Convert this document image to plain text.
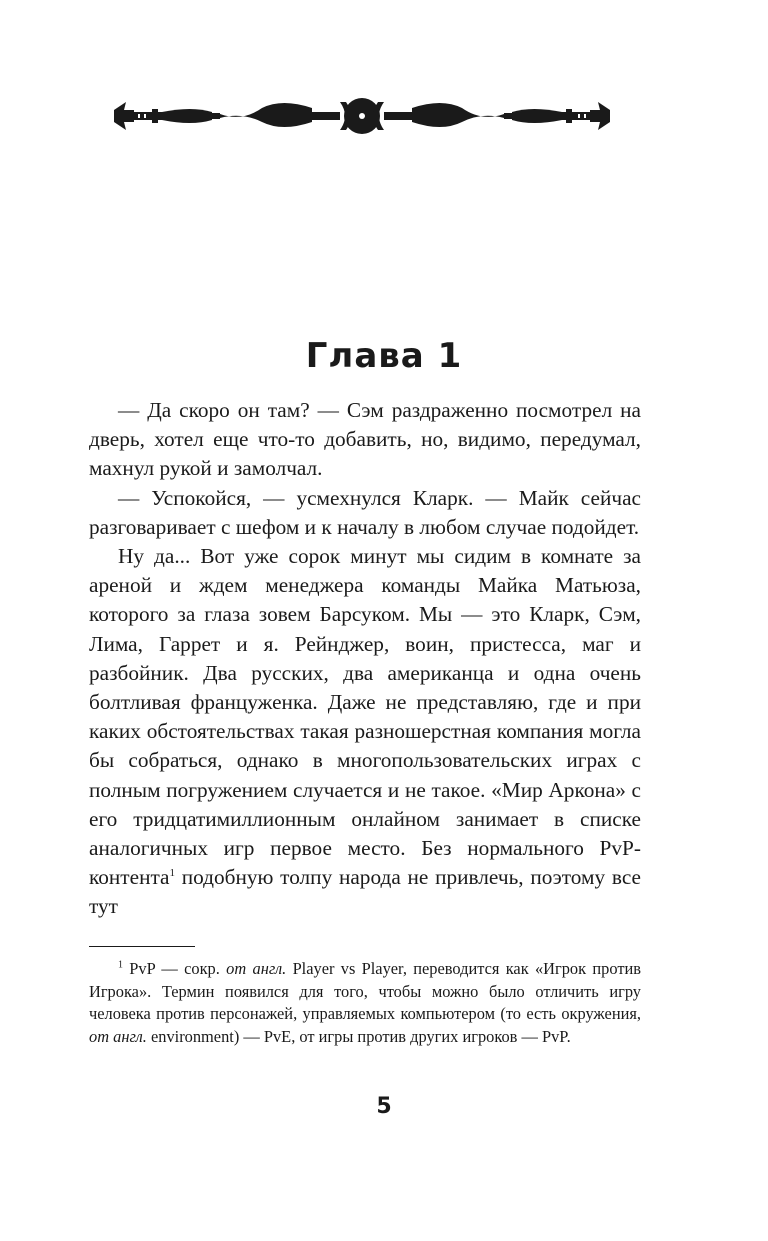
Глава 1

— Да скоро он там? — Сэм раздраженно посмотрел на дверь, хотел еще что-то добавить, но, видимо, передумал, махнул рукой и замолчал.

— Успокойся, — усмехнулся Кларк. — Майк сейчас разговаривает с шефом и к началу в любом случае подойдет.

Ну да... Вот уже сорок минут мы сидим в комнате за ареной и ждем менеджера команды Майка Матьюза, которого за глаза зовем Барсуком. Мы — это Кларк, Сэм, Лима, Гаррет и я. Рейнджер, воин, пристесса, маг и разбойник. Два русских, два американца и одна очень болтливая француженка. Даже не представляю, где и при каких обстоятельствах такая разношерстная компания могла бы собраться, однако в многопользовательских играх с полным погружением случается и не такое. «Мир Аркона» с его тридцатимиллионным онлайном занимает в списке аналогичных игр первое место. Без нормального PvP-контента$^1$ подобную толпу народа не привлечь, поэтому все тут

$^1$ PvP — сокр. от англ. Player vs Player, переводится как «Игрок против Игрока». Термин появился для того, чтобы можно было отличить игру человека против персонажей, управляемых компьютером (то есть окружения, от англ. environment) — PvE, от игры против других игроков — PvP.

5
